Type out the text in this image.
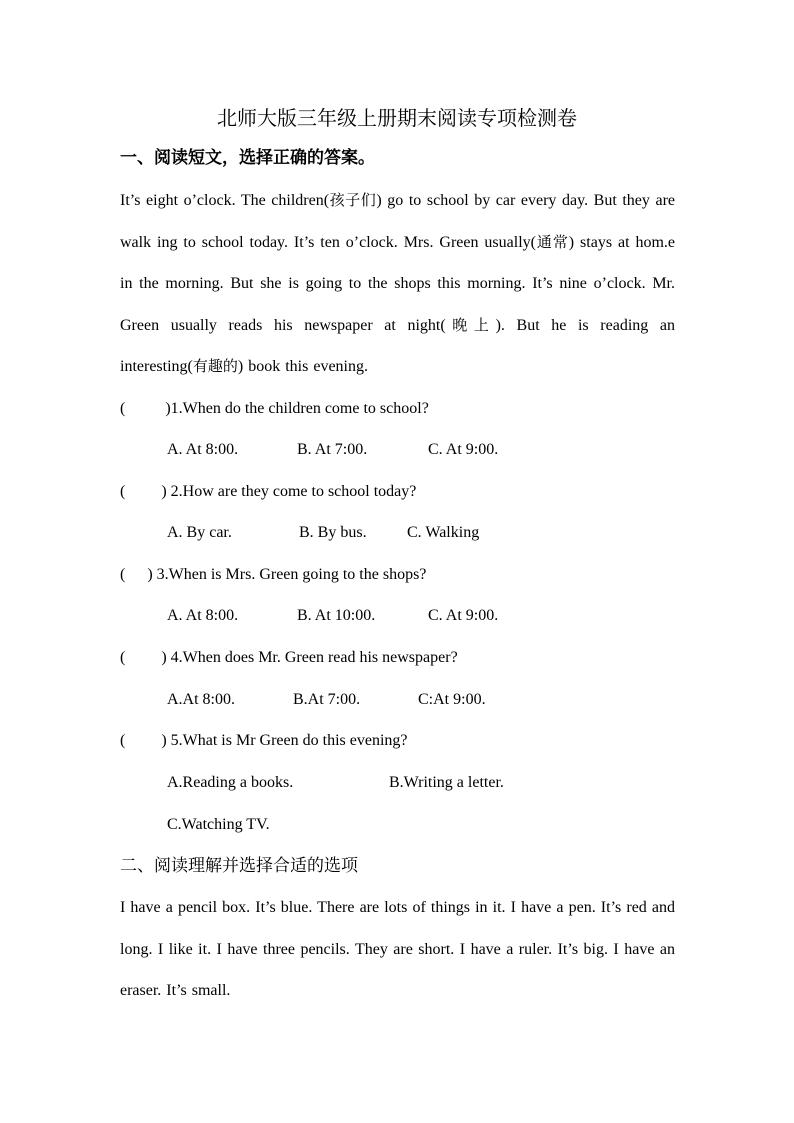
北师大版三年级上册期末阅读专项检测卷
一、阅读短文，选择正确的答案。
It’s eight o’clock. The children(孩子们) go to school by car every day. But they are walk ing to school today. It’s ten o’clock. Mrs. Green usually(通常) stays at hom.e in the morning. But she is going to the shops this morning. It’s nine o’clock. Mr. Green usually reads his newspaper at night(晚上). But he is reading an interesting(有趣的) book this evening.
(	)1.When do the children come to school?
A. At 8:00.	B. At 7:00.	C. At 9:00.
( ) 2.How are they come to school today?
A. By car.	B. By bus.	C. Walking
( ) 3.When is Mrs. Green going to the shops?
A. At 8:00.	B. At 10:00.	C. At 9:00.
( ) 4.When does Mr. Green read his newspaper?
A.At 8:00.	B.At 7:00.	C:At 9:00.
( ) 5.What is Mr Green do this evening?
A.Reading a books.	B.Writing a letter.
C.Watching TV.
二、阅读理解并选择合适的选项
I have a pencil box. It’s blue. There are lots of things in it. I have a pen. It’s red and long. I like it. I have three pencils. They are short. I have a ruler. It’s big. I have an eraser. It’s small.
